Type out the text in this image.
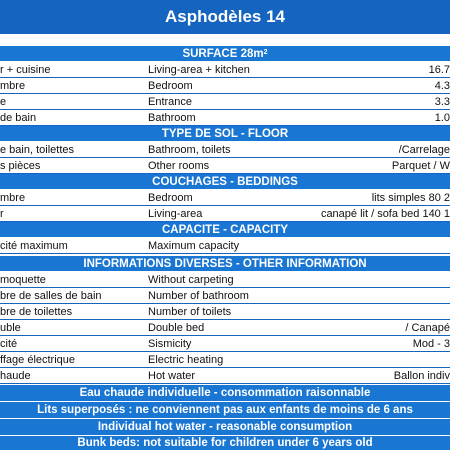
Asphodèles 14
SURFACE $28m^2$
r + cuisine	Living-area + kitchen	16.7
mbre	Bedroom	4.3
e	Entrance	3.3
de bain	Bathroom	1.0
TYPE DE SOL - FLOOR
e bain, toilettes	Bathroom, toilets	Carrelage/
s pièces	Other rooms	Parquet / W
COUCHAGES - BEDDINGS
mbre	Bedroom	2 lits simples 80
r	Living-area	1 canapé lit / sofa bed 140
CAPACITE - CAPACITY
cité maximum	Maximum capacity
INFORMATIONS DIVERSES - OTHER INFORMATION
moquette	Without carpeting
bre de salles de bain	Number of bathroom
bre de toilettes	Number of toilets
uble	Double bed	Canapé /
cité	Sismicity	3 - Mod
ffage électrique	Electric heating
haude	Hot water	Ballon indiv
Eau chaude individuelle - consommation raisonnable
Lits superposés : ne conviennent pas aux enfants de moins de 6 ans
Individual hot water - reasonable consumption
Bunk beds: not suitable for children under 6 years old
